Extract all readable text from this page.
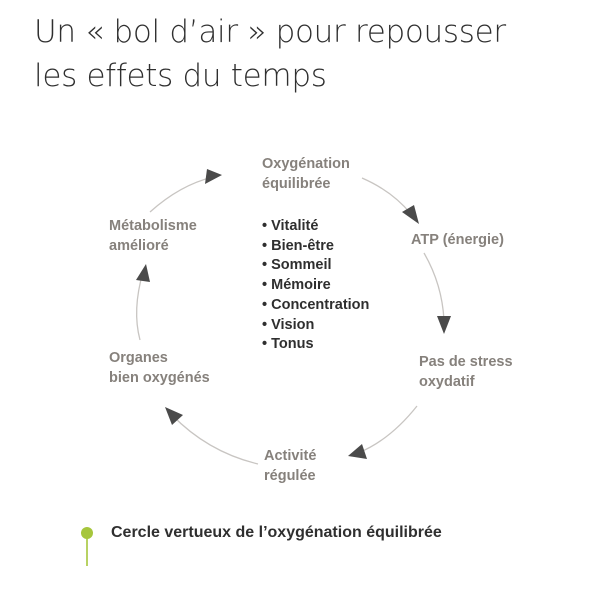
Un « bol d’air » pour repousser
les effets du temps
Oxygénation
équilibrée
ATP (énergie)
Pas de stress
oxydatif
Activité
régulée
Organes
bien oxygénés
Métabolisme
amélioré
• Vitalité
• Bien-être
• Sommeil
• Mémoire
• Concentration
• Vision
• Tonus
Cercle vertueux de l’oxygénation équilibrée
